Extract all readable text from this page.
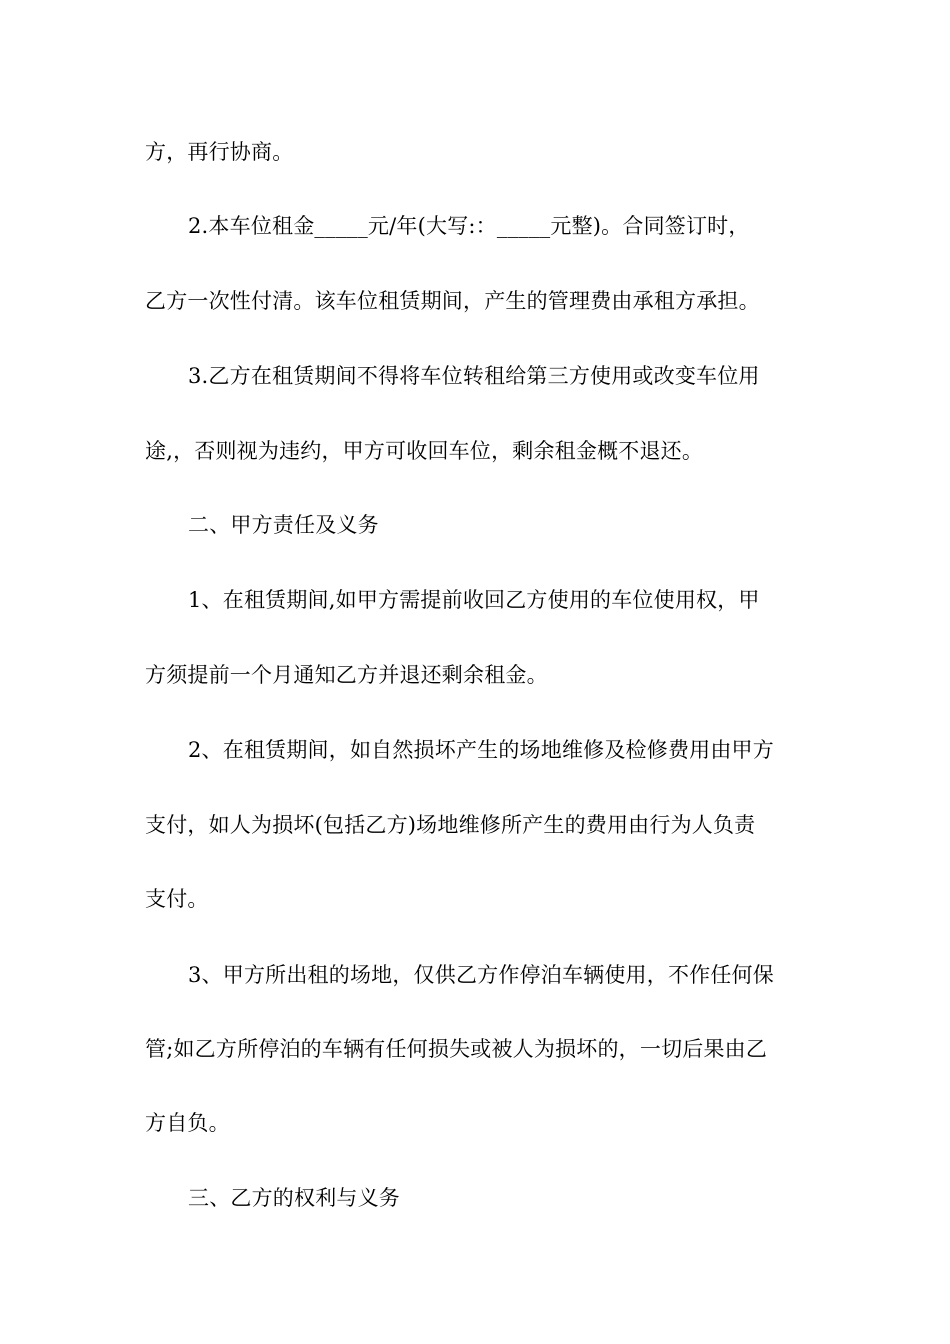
方，再行协商。
2.本车位租金_____元/年(大写:：_____元整)。合同签订时，
乙方一次性付清。该车位租赁期间，产生的管理费由承租方承担。
3.乙方在租赁期间不得将车位转租给第三方使用或改变车位用
途,，否则视为违约，甲方可收回车位，剩余租金概不退还。
二、甲方责任及义务
1、在租赁期间,如甲方需提前收回乙方使用的车位使用权，甲
方须提前一个月通知乙方并退还剩余租金。
2、在租赁期间，如自然损坏产生的场地维修及检修费用由甲方
支付，如人为损坏(包括乙方)场地维修所产生的费用由行为人负责
支付。
3、甲方所出租的场地，仅供乙方作停泊车辆使用，不作任何保
管;如乙方所停泊的车辆有任何损失或被人为损坏的，一切后果由乙
方自负。
三、乙方的权利与义务
